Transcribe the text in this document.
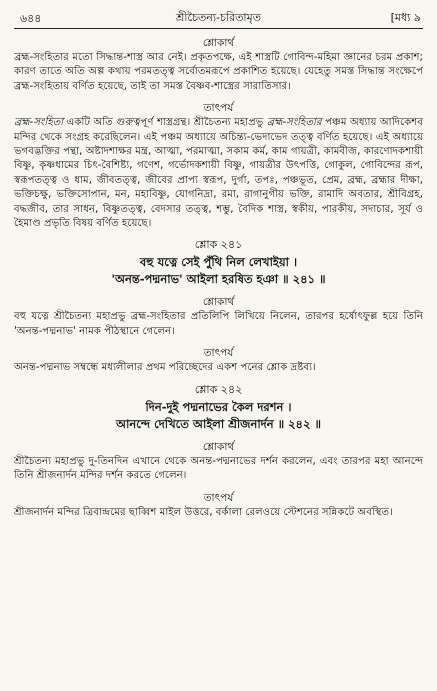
৬৪৪	শ্রীচৈতন্য-চরিতামৃত	[মধ্য ৯
শ্লোকার্থ

ব্রহ্ম-সংহিতার মতো সিদ্ধান্ত-শাস্ত্র আর নেই। প্রকৃতপক্ষে, এই শাস্ত্রটি গোবিন্দ-মহিমা জ্ঞানের চরম প্রকাশ; কারণ তাতে অতি অল্প কথায় পরমতত্ত্ব সর্বোতমরূপে প্রকাশিত হয়েছে। যেহেতু সমস্ত সিদ্ধান্ত সংক্ষেপে ব্রহ্ম-সংহিতায় বর্ণিত হয়েছে, তাই তা সমস্ত বৈষ্ণব-শাস্ত্রের সারাতিসার।

তাৎপর্য

ব্রহ্ম-সংহিতা একটি অতি গুরুত্বপূর্ণ শাস্ত্রগ্রন্থ। শ্রীচৈতন্য মহাপ্রভু ব্রহ্ম-সংহিতার পঞ্চম অধ্যায় আদিকেশব মন্দির থেকে সংগ্রহ করেছিলেন। এই পঞ্চম অধ্যায়ে অচিন্ত্য-ভেদাভেদ তত্ত্ব বর্ণিত হয়েছে। এই অধ্যায়ে ভগবদ্ভক্তির পন্থা, অষ্টাদশাক্ষর মন্ত্র, আত্মা, পরমাত্মা, সকাম কর্ম, কাম গায়ত্রী, কামবীজ, কারণোদকশায়ী বিষ্ণু, কৃষ্ণধামের চিৎ-বৈশিষ্ট্য, গণেশ, গর্ভোদকশায়ী বিষ্ণু, গায়ত্রীর উৎপত্তি, গোকুল, গোবিন্দের রূপ, স্বরূপতত্ত্ব ও ধাম, জীবতত্ত্ব, জীবের প্রাপ্য স্বরূপ, দুর্গা, তপঃ, পঞ্চভূত, প্রেম, ব্রহ্ম, ব্রহ্মার দীক্ষা, ভক্তিচক্ষু, ভক্তিসোপান, মন, মহাবিষ্ণু, যোগনিদ্রা, রমা, রাগানুগীয় ভক্তি, রামাদি অবতার, শ্রীবিগ্রহ, বদ্ধজীব, তার সাধন, বিষ্ণুতত্ত্ব, বেদসার তত্ত্ব, শম্ভু, বৈদিক শাস্ত্র, স্বকীয়, পারকীয়, সদাচার, সূর্য ও হৈমাণ্ড প্রভৃতি বিষয় বর্ণিত হয়েছে।

শ্লোক ২৪১
বহু যত্নে সেই পুঁথি নিল লেখাইয়া ।
'অনন্ত-পদ্মনাভ' আইলা হরষিত হঞা ॥ ২৪১ ॥
শ্লোকার্থ

বহু যত্নে শ্রীচৈতন্য মহাপ্রভু ব্রহ্ম-সংহিতার প্রতিলিপি লিখিয়ে নিলেন, তারপর হর্ষোৎফুল্ল হয়ে তিনি 'অনন্ত-পদ্মনাভ' নামক পীঠস্থানে গেলেন।

তাৎপর্য

অনন্ত-পদ্মনাভ সম্বন্ধে মধ্যলীলার প্রথম পরিচ্ছেদের একশ পনের শ্লোক দ্রষ্টব্য।

শ্লোক ২৪২
দিন-দুই পদ্মনাভের কৈল দরশন ।
আনন্দে দেখিতে আইলা শ্রীজনার্দন ॥ ২৪২ ॥
শ্লোকার্থ

শ্রীচৈতন্য মহাপ্রভু দু-তিনদিন এখানে থেকে অনন্ত-পদ্মনাভের দর্শন করলেন, এবং তারপর মহা আনন্দে তিনি শ্রীজনার্দন মন্দির দর্শন করতে গেলেন।

তাৎপর্য

শ্রীজনার্দন মন্দির ত্রিবান্দ্রমের ছাব্বিশ মাইল উত্তরে, বর্কালা রেলওয়ে স্টেশনের সন্নিকটে অবস্থিত।
